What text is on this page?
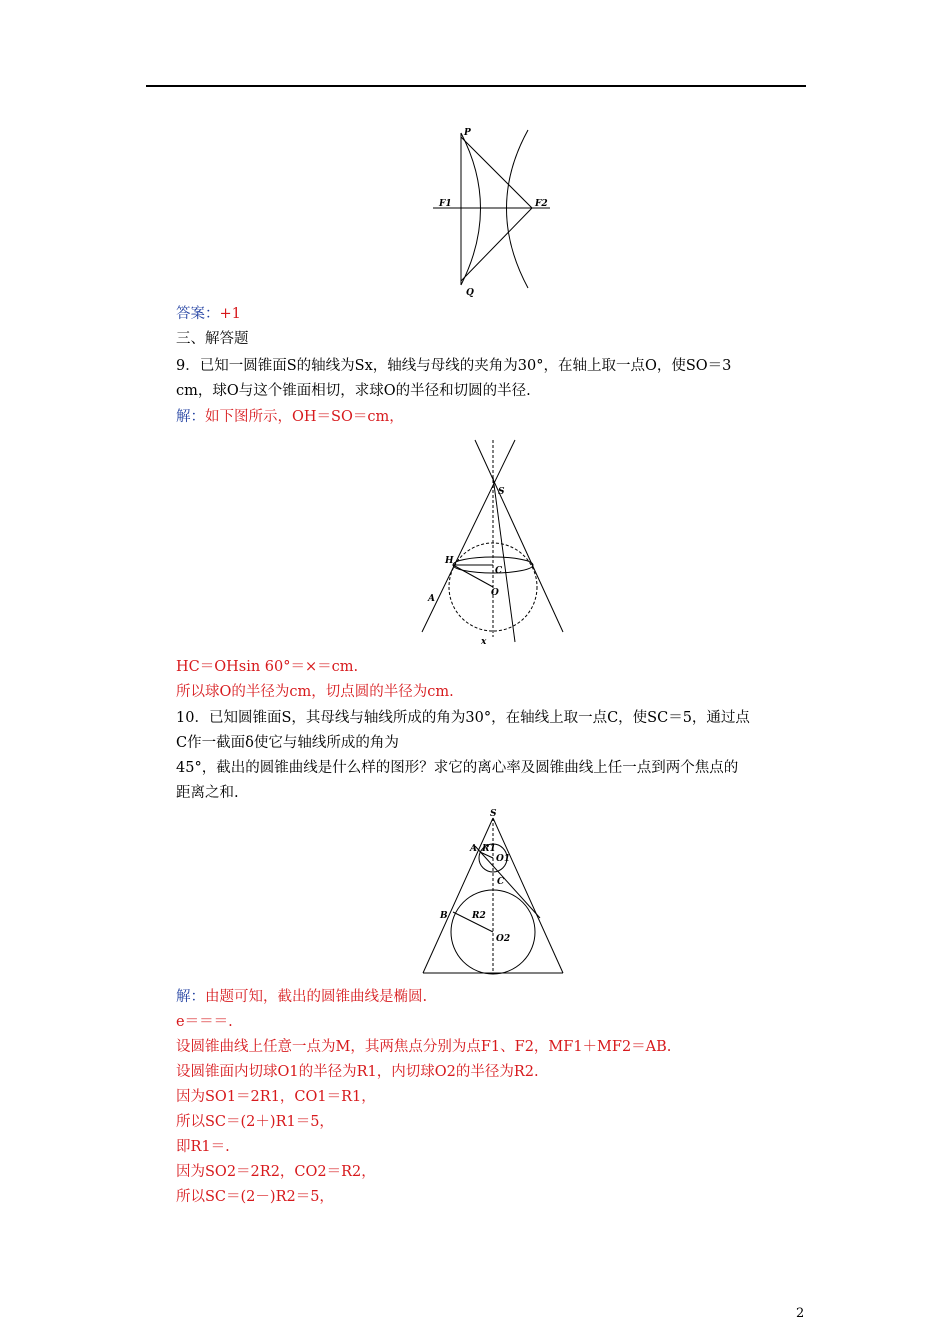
P
Q
F1	F2
答案：+1
三、解答题
9．已知一圆锥面S的轴线为Sx，轴线与母线的夹角为30°，在轴上取一点O，使SO＝3
cm，球O与这个锥面相切，求球O的半径和切圆的半径.
解：如下图所示，OH＝SO＝cm，
S
H
C
O
A
x
HC＝OHsin 60°＝×＝cm.
所以球O的半径为cm，切点圆的半径为cm.
10．已知圆锥面S，其母线与轴线所成的角为30°，在轴线上取一点C，使SC＝5，通过点
C作一截面δ使它与轴线所成的角为
45°，截出的圆锥曲线是什么样的图形？求它的离心率及圆锥曲线上任一点到两个焦点的
距离之和.
S
A R1
O1
C
B	R2
O2
解：由题可知，截出的圆锥曲线是椭圆.
e＝＝＝.
设圆锥曲线上任意一点为M，其两焦点分别为点F1、F2，MF1＋MF2＝AB.
设圆锥面内切球O1的半径为R1，内切球O2的半径为R2.
因为SO1＝2R1，CO1＝R1，
所以SC＝(2＋)R1＝5，
即R1＝.
因为SO2＝2R2，CO2＝R2，
所以SC＝(2－)R2＝5，
2
